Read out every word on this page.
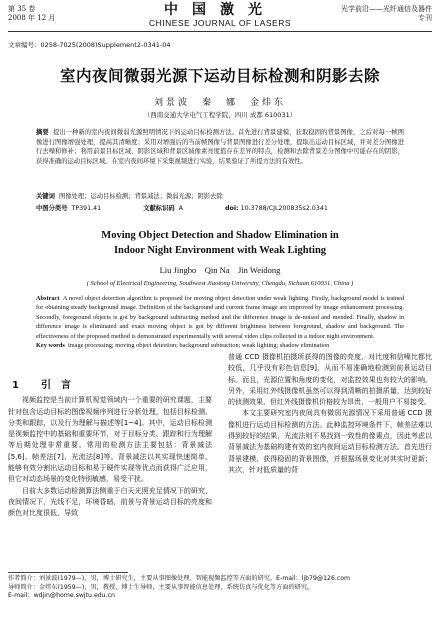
第 35 卷
2008 年 12 月	中国激光
CHINESE JOURNAL OF LASERS
光学前沿——光纤通信及器件
专刊
文章编号：0258-7025(2008)Supplement2-0341-04
室内夜间微弱光源下运动目标检测和阴影去除
刘景波　秦　娜　金炜东
（西南交通大学电气工程学院，四川 成都 610031）
摘要 提出一种新的室内夜间微弱光源照明情况下的运动目标检测方法。首先进行背景建模，获取稳固的背景图像，之后对每一帧图像进行图像增强处理，提高其清晰度；采用对增强后的当前帧图像与背景图像进行差分处理，提取出运动目标区域，并对差分图像进行去噪和修补；利用前景目标区域、阴影区域和背景区域像素亮度值存在差异的特点，检测和去除背景差分图像中可能存在的阴影，获得准确的运动目标区域。在室内夜间环境下采集视频进行实验，结果验证了所提方法的有效性。
关键词 图像处理；运动目标检测；背景减法；微弱光源；阴影去除
中图分类号 TP391.41	文献标识码 A	doi: 10.3788/CJL200835s2.0341
Moving Object Detection and Shadow Elimination in
Indoor Night Environment with Weak Lighting
Liu Jingbo　Qin Na　Jin Weidong
( School of Electrical Engineering, Southwest Jiaotong University, Chengdu, Sichuan 610031, China )
Abstract A novel object detection algorithm is proposed for moving object detection under weak lighting. Firstly, background model is trained for obtaining steady background image. Definition of the background and current frame image are improved by image enhancement processing. Secondly, foreground objects is got by background subtracting method and the difference image is de-noised and mended. Finally, shadow in difference image is eliminated and exact moving object is got by different brightness between foreground, shadow and background. The effectiveness of the proposed method is demonstrated experimentally with several video clips collected in a indoor night environment.
Key words image processing; moving object detection; background subtraction; weak lighting; shadow elimination
1 引　言

视频监控是当前计算机视觉领域内一个重要的研究课题，主要针对包含运动目标的图像视频序列进行分析处理，包括目标检测、分类和跟踪，以及行为理解与描述等[1~4]。其中，运动目标检测是视频监控中的基础和重要环节，对于目标分类、跟踪和行为理解等后期处理非常重要。常用的检测方法主要包括：背景减法[5,6]、帧差法[7]、光流法[8]等。背景减法以其实现快速简单，能够有效分割出运动目标和易于硬件实现等优点而获得广泛应用，但它对动态场景的变化特别敏感，易受干扰。

目前大多数运动检测算法侧重于白天光照充足情况下的研究，夜间情况下，光线不足，环境昏暗，前景与背景运动目标的亮度和颜色对比度很低，导致

普通 CCD 摄像机拍摄所获得的图像的亮度、对比度和信噪比都比较低，几乎没有彩色信息[9]，从而不易准确地检测到前景运动目标。而且，光源位置和角度的变化，对监控效果也有较大的影响。另外，采用红外线摄像机虽然可以得到清晰的拍摄质量，达到较好的侦测效果，但红外线摄像机价格较为昂贵，一般用户不易接受。

本文主要研究室内夜间具有微弱光源情况下采用普通 CCD 摄像机进行运动目标检测的方法。此种监控环境条件下，帧差法难以得到较好的结果，光流法则不易找到一致性的像素点，因此考虑以背景减法为基础构建有效的室内夜间运动目标检测方法。首先进行背景建模，获得稳固的背景图像，并根据场景变化对其实时更新；其次，针对低质量的背

作者简介：刘景波(1979—)，男，博士研究生，主要从事图像处理、智能视频监控等方面的研究。E-mail：ljb79@126.com
导师简介：金炜东(1959—)，男，教授，博士生导师，主要从事智能信息处理、系统仿真与优化等方面的研究。
E-mail：wdjin@home.swjtu.edu.cn
